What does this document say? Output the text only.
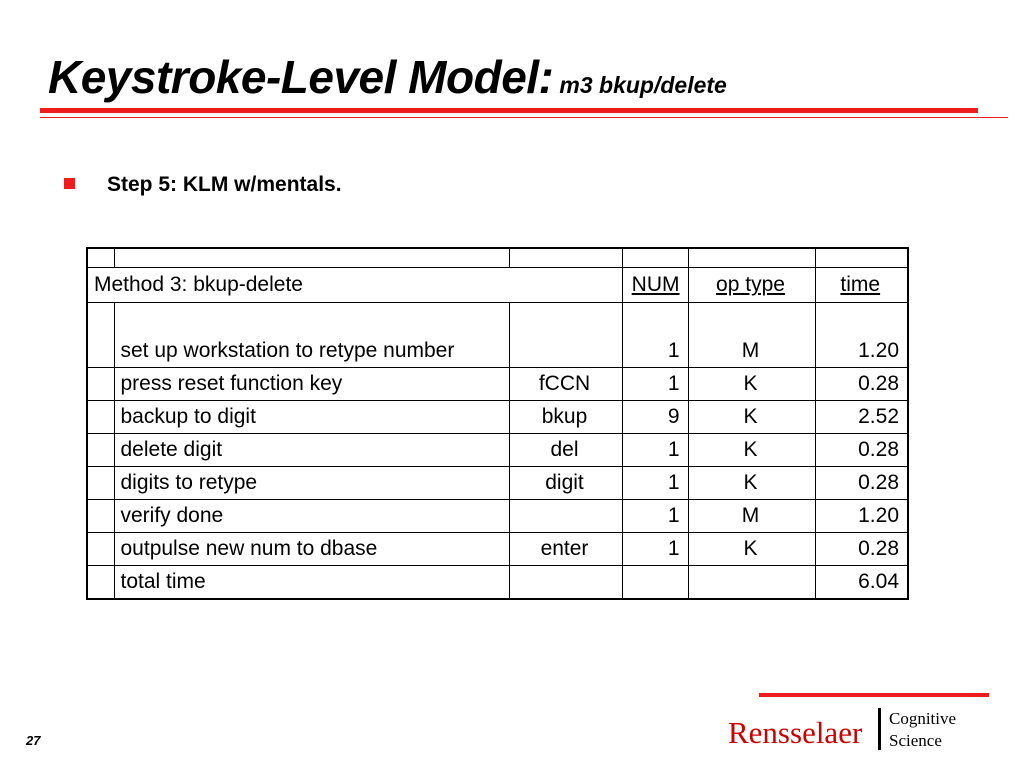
Keystroke-Level Model: m3 bkup/delete
Step 5: KLM w/mentals.

Method 3: bkup-delete			NUM	op type	time
	set up workstation to retype number		1	M	1.20
	press reset function key	fCCN	1	K	0.28
	backup to digit	bkup	9	K	2.52
	delete digit	del	1	K	0.28
	digits to retype	digit	1	K	0.28
	verify done		1	M	1.20
	outpulse new num to dbase	enter	1	K	0.28
	total time				6.04
27	Rensselaer Cognitive
Science
